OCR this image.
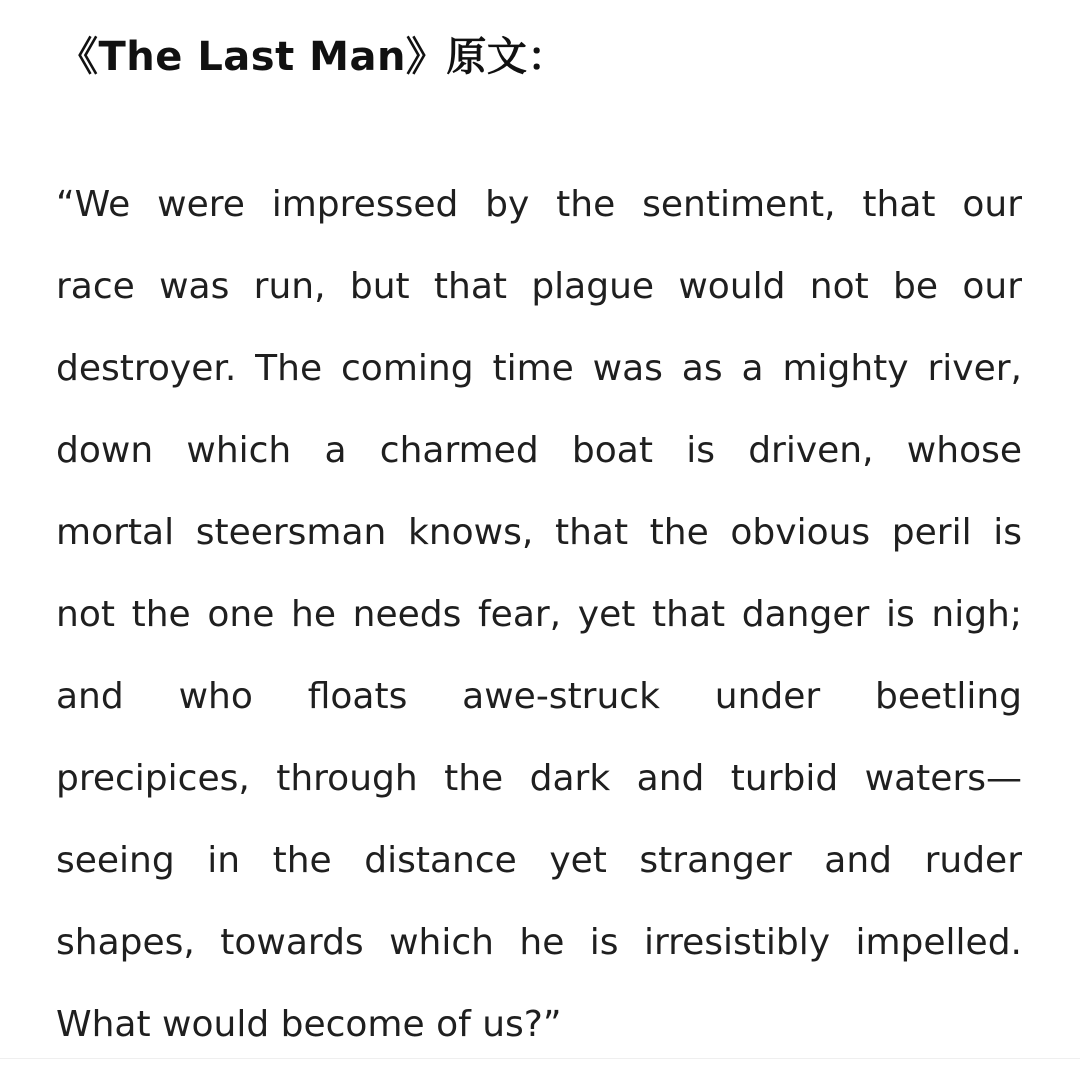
《The Last Man》原文：
“We were impressed by the sentiment, that our
race was run, but that plague would not be our
destroyer. The coming time was as a mighty river,
down which a charmed boat is driven, whose
mortal steersman knows, that the obvious peril is
not the one he needs fear, yet that danger is nigh;
and who floats awe-struck under beetling
precipices, through the dark and turbid waters—
seeing in the distance yet stranger and ruder
shapes, towards which he is irresistibly impelled.
What would become of us?”
